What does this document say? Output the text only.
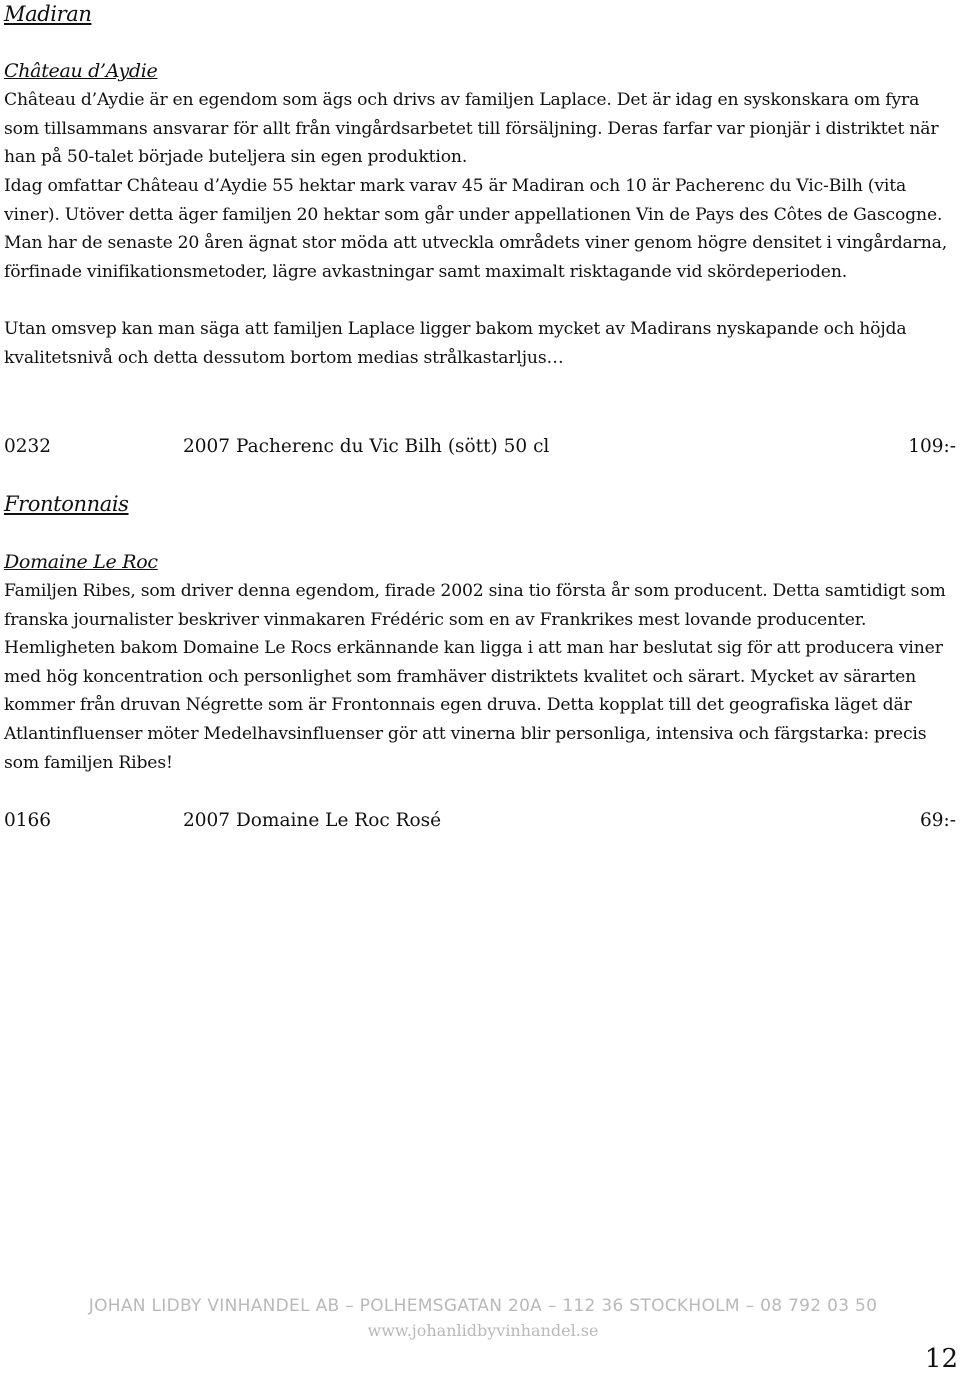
Madiran
Château d’Aydie

Château d’Aydie är en egendom som ägs och drivs av familjen Laplace. Det är idag en syskonskara om fyra som tillsammans ansvarar för allt från vingårdsarbetet till försäljning. Deras farfar var pionjär i distriktet när han på 50-talet började buteljera sin egen produktion.

Idag omfattar Château d’Aydie 55 hektar mark varav 45 är Madiran och 10 är Pacherenc du Vic-Bilh (vita viner). Utöver detta äger familjen 20 hektar som går under appellationen Vin de Pays des Côtes de Gascogne. Man har de senaste 20 åren ägnat stor möda att utveckla områdets viner genom högre densitet i vingårdarna, förfinade vinifikationsmetoder, lägre avkastningar samt maximalt risktagande vid skördeperioden.

Utan omsvep kan man säga att familjen Laplace ligger bakom mycket av Madirans nyskapande och höjda kvalitetsnivå och detta dessutom bortom medias strålkastarljus…

0232	2007 Pacherenc du Vic Bilh (sött) 50 cl	109:-
Frontonnais
Domaine Le Roc

Familjen Ribes, som driver denna egendom, firade 2002 sina tio första år som producent. Detta samtidigt som franska journalister beskriver vinmakaren Frédéric som en av Frankrikes mest lovande producenter. Hemligheten bakom Domaine Le Rocs erkännande kan ligga i att man har beslutat sig för att producera viner med hög koncentration och personlighet som framhäver distriktets kvalitet och särart. Mycket av särarten kommer från druvan Négrette som är Frontonnais egen druva. Detta kopplat till det geografiska läget där Atlantinfluenser möter Medelhavsinfluenser gör att vinerna blir personliga, intensiva och färgstarka: precis som familjen Ribes!

0166	2007 Domaine Le Roc Rosé	69:-
JOHAN LIDBY VINHANDEL AB – POLHEMSGATAN 20A – 112 36 STOCKHOLM – 08 792 03 50
www.johanlidbyvinhandel.se
12
